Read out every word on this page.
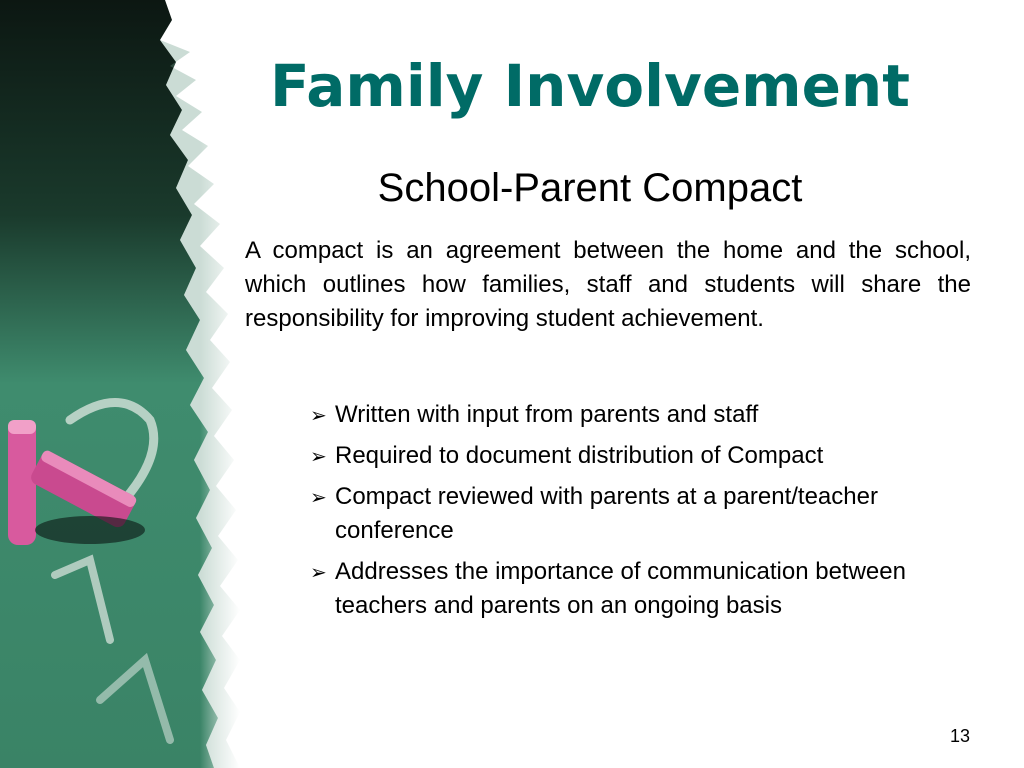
Family Involvement
School-Parent Compact

A compact is an agreement between the home and the school, which outlines how families, staff and students will share the responsibility for improving student achievement.

➢ Written with input from parents and staff
➢ Required to document distribution of Compact
➢ Compact reviewed with parents at a parent/teacher conference
➢ Addresses the importance of communication between teachers and parents on an ongoing basis
13
